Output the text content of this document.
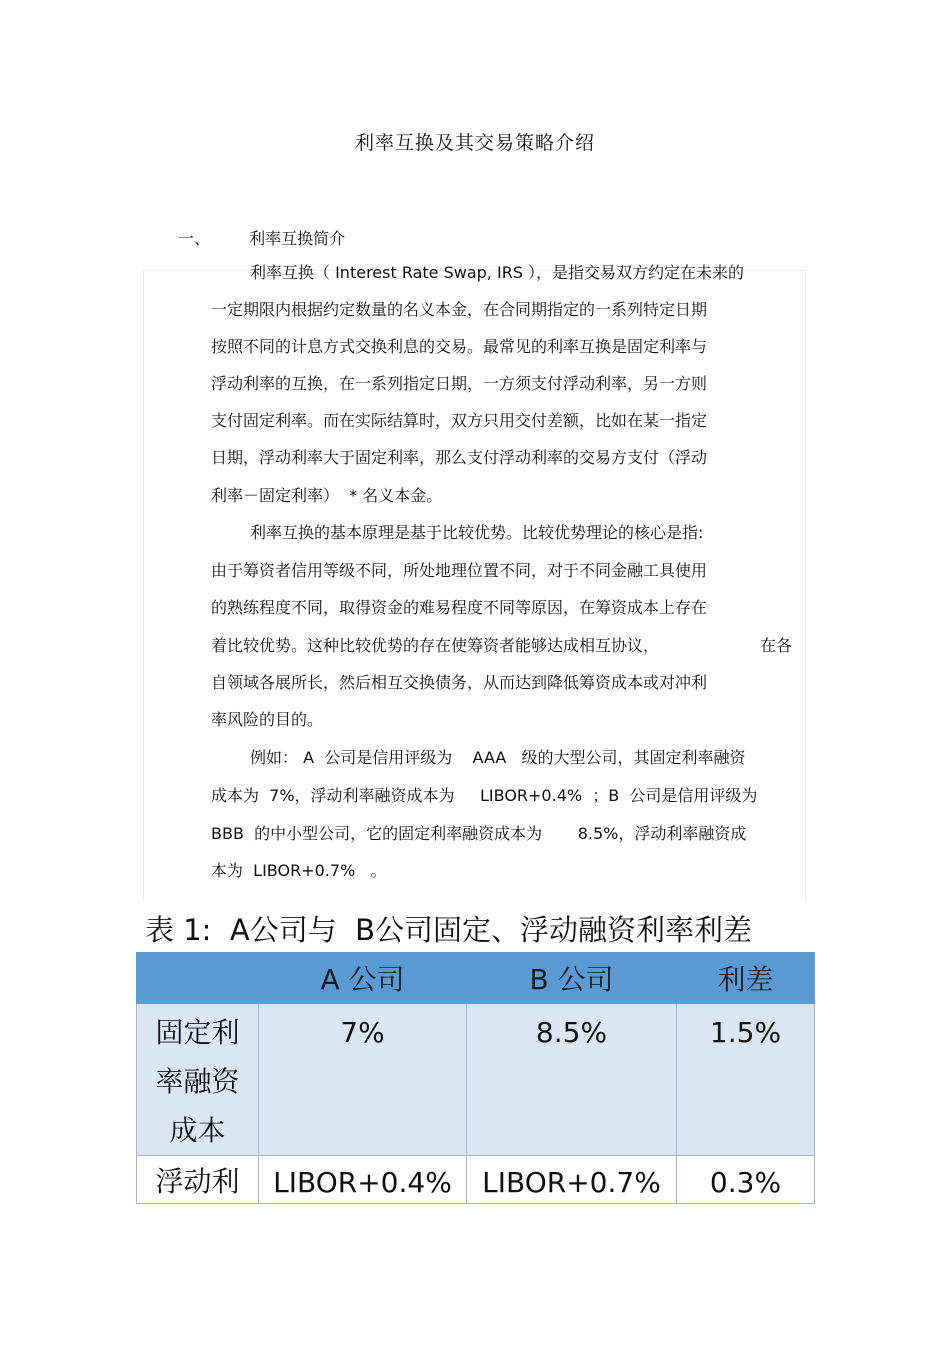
利率互换及其交易策略介绍
一、 利率互换简介
利率互换（ Interest Rate Swap, IRS ），是指交易双方约定在未来的
一定期限内根据约定数量的名义本金，在合同期指定的一系列特定日期
按照不同的计息方式交换利息的交易。最常见的利率互换是固定利率与
浮动利率的互换，在一系列指定日期，一方须支付浮动利率，另一方则
支付固定利率。而在实际结算时，双方只用交付差额，比如在某一指定
日期，浮动利率大于固定利率，那么支付浮动利率的交易方支付（浮动
利率－固定利率）  * 名义本金。
利率互换的基本原理是基于比较优势。比较优势理论的核心是指:
由于筹资者信用等级不同，所处地理位置不同，对于不同金融工具使用
的熟练程度不同，取得资金的难易程度不同等原因，在筹资成本上存在
着比较优势。这种比较优势的存在使筹资者能够达成相互协议，	在各
自领域各展所长，然后相互交换债务，从而达到降低筹资成本或对冲利
率风险的目的。
例如： A  公司是信用评级为    AAA   级的大型公司，其固定利率融资
成本为  7%，浮动利率融资成本为     LIBOR+0.4%  ；B  公司是信用评级为
BBB  的中小型公司，它的固定利率融资成本为       8.5%，浮动利率融资成
本为  LIBOR+0.7%   。
表 1:  A公司与  B公司固定、浮动融资利率利差
	A 公司	B 公司	利差

固定利
率融资
成本	7%	8.5%	1.5%

浮动利	LIBOR+0.4%	LIBOR+0.7%	0.3%
